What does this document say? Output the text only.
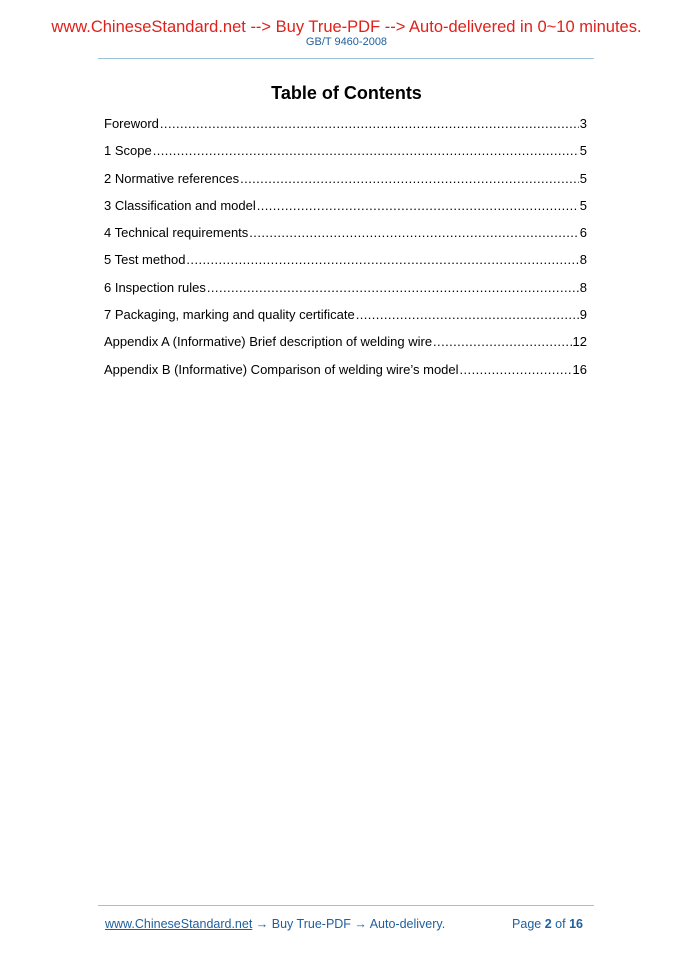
www.ChineseStandard.net --> Buy True-PDF --> Auto-delivered in 0~10 minutes.
GB/T 9460-2008
Table of Contents
Foreword .....	3
1 Scope .....	5
2 Normative references .....	5
3 Classification and model .....	5
4 Technical requirements .....	6
5 Test method .....	8
6 Inspection rules .....	8
7 Packaging, marking and quality certificate .....	9
Appendix A (Informative) Brief description of welding wire .....	12
Appendix B (Informative) Comparison of welding wire’s model .....	16
www.ChineseStandard.net → Buy True-PDF → Auto-delivery.	Page 2 of 16
